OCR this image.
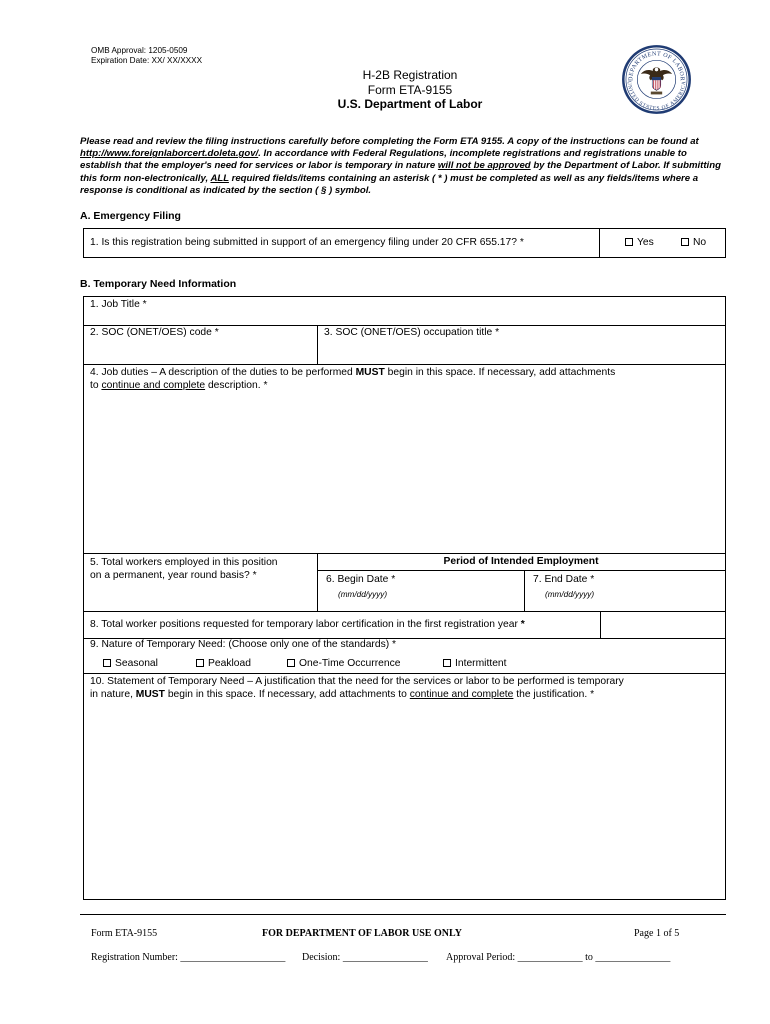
OMB Approval: 1205-0509
Expiration Date: XX/ XX/XXXX
H-2B Registration
Form ETA-9155
U.S. Department of Labor
DEPARTMENT OF LABOR
UNITED STATES OF AMERICA
Please read and review the filing instructions carefully before completing the Form ETA 9155. A copy of the instructions can be found at http://www.foreignlaborcert.doleta.gov/. In accordance with Federal Regulations, incomplete registrations and registrations unable to establish that the employer's need for services or labor is temporary in nature will not be approved by the Department of Labor. If submitting this form non-electronically, ALL required fields/items containing an asterisk ( * ) must be completed as well as any fields/items where a response is conditional as indicated by the section ( § ) symbol.
A. Emergency Filing
1. Is this registration being submitted in support of an emergency filing under 20 CFR 655.17? *	Yes	No
B. Temporary Need Information
1. Job Title *
2. SOC (ONET/OES) code *	3. SOC (ONET/OES) occupation title *
4. Job duties – A description of the duties to be performed MUST begin in this space. If necessary, add attachments
to continue and complete description. *
5. Total workers employed in this position
on a permanent, year round basis? *
Period of Intended Employment
6. Begin Date *
(mm/dd/yyyy)
7. End Date *
(mm/dd/yyyy)
8. Total worker positions requested for temporary labor certification in the first registration year *
9. Nature of Temporary Need: (Choose only one of the standards) *
Seasonal	Peakload	One-Time Occurrence	Intermittent
10. Statement of Temporary Need – A justification that the need for the services or labor to be performed is temporary
in nature, MUST begin in this space. If necessary, add attachments to continue and complete the justification. *
Form ETA-9155	FOR DEPARTMENT OF LABOR USE ONLY	Page 1 of 5
Registration Number: _____________________ Decision: _________________ Approval Period: _____________ to _______________
